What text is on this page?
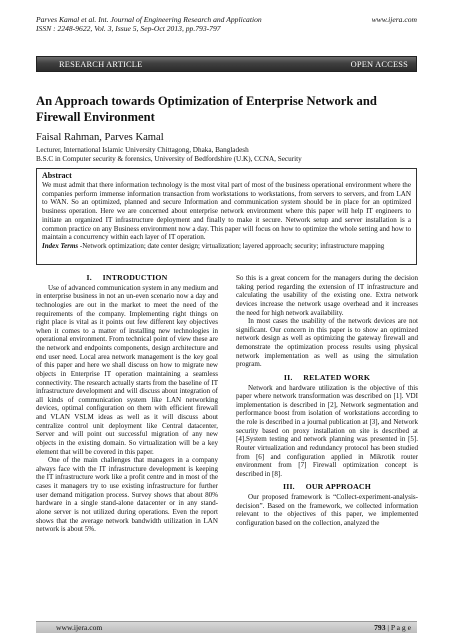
Parves Kamal et al. Int. Journal of Engineering Research and Application
ISSN : 2248-9622, Vol. 3, Issue 5, Sep-Oct 2013, pp.793-797
www.ijera.com
RESEARCH ARTICLE	OPEN ACCESS
An Approach towards Optimization of Enterprise Network and Firewall Environment
Faisal Rahman, Parves Kamal
Lecturer, International Islamic University Chittagong, Dhaka, Bangladesh
B.S.C in Computer security & forensics, University of Bedfordshire (U.K), CCNA, Security
Abstract

We must admit that there information technology is the most vital part of most of the business operational environment where the companies perform immense information transaction from workstations to workstations, from servers to servers, and from LAN to WAN. So an optimized, planned and secure Information and communication system should be in place for an optimized business operation. Here we are concerned about enterprise network environment where this paper will help IT engineers to initiate an organized IT infrastructure deployment and finally to make it secure. Network setup and server installation is a common practice on any Business environment now a day. This paper will focus on how to optimize the whole setting and how to maintain a concurrency within each layer of IT operation.

Index Terms -Network optimization; date center design; virtualization; layered approach; security; infrastructure mapping
I.     INTRODUCTION

Use of advanced communication system in any medium and in enterprise business in not an un-even scenario now a day and technologies are out in the market to meet the need of the requirements of the company. Implementing right things on right place is vital as it points out few different key objectives when it comes to a matter of installing new technologies in operational environment. From technical point of view these are the network and endpoints components, design architecture and end user need. Local area network management is the key goal of this paper and here we shall discuss on how to migrate new objects in Enterprise IT operation maintaining a seamless connectivity. The research actually starts from the baseline of IT infrastructure development and will discuss about integration of all kinds of communication system like LAN networking devices, optimal configuration on them with efficient firewall and VLAN VSLM ideas as well as it will discuss about centralize control unit deployment like Central datacenter, Server and will point out successful migration of any new objects in the existing domain. So virtualization will be a key element that will be covered in this paper.

One of the main challenges that managers in a company always face with the IT infrastructure development is keeping the IT infrastructure work like a profit centre and in most of the cases it managers try to use existing infrastructure for further user demand mitigation process. Survey shows that about 80% hardware in a single stand-alone datacenter or in any stand-alone server is not utilized during operations. Even the report shows that the average network bandwidth utilization in LAN network is about 5%.

So this is a great concern for the managers during the decision taking period regarding the extension of IT infrastructure and calculating the usability of the existing one. Extra network devices increase the network usage overhead and it increases the need for high network availability.

In most cases the usability of the network devices are not significant. Our concern in this paper is to show an optimized network design as well as optimizing the gateway firewall and demonstrate the optimization process results using physical network implementation as well as using the simulation program.

II.     RELATED WORK

Network and hardware utilization is the objective of this paper where network transformation was described on [1]. VDI implementation is described in [2], Network segmentation and performance boost from isolation of workstations according to the role is described in a journal publication at [3], and Network security based on proxy installation on site is described at [4].System testing and network planning was presented in [5]. Router virtualization and redundancy protocol has been studied from [6] and configuration applied in Mikrotik router environment from [7] Firewall optimization concept is described in [8].

III.     OUR APPROACH

Our proposed framework is “Collect-experiment-analysis-decision”. Based on the framework, we collected information relevant to the objectives of this paper, we implemented configuration based on the collection, analyzed the

www.ijera.com	793 | P a g e
